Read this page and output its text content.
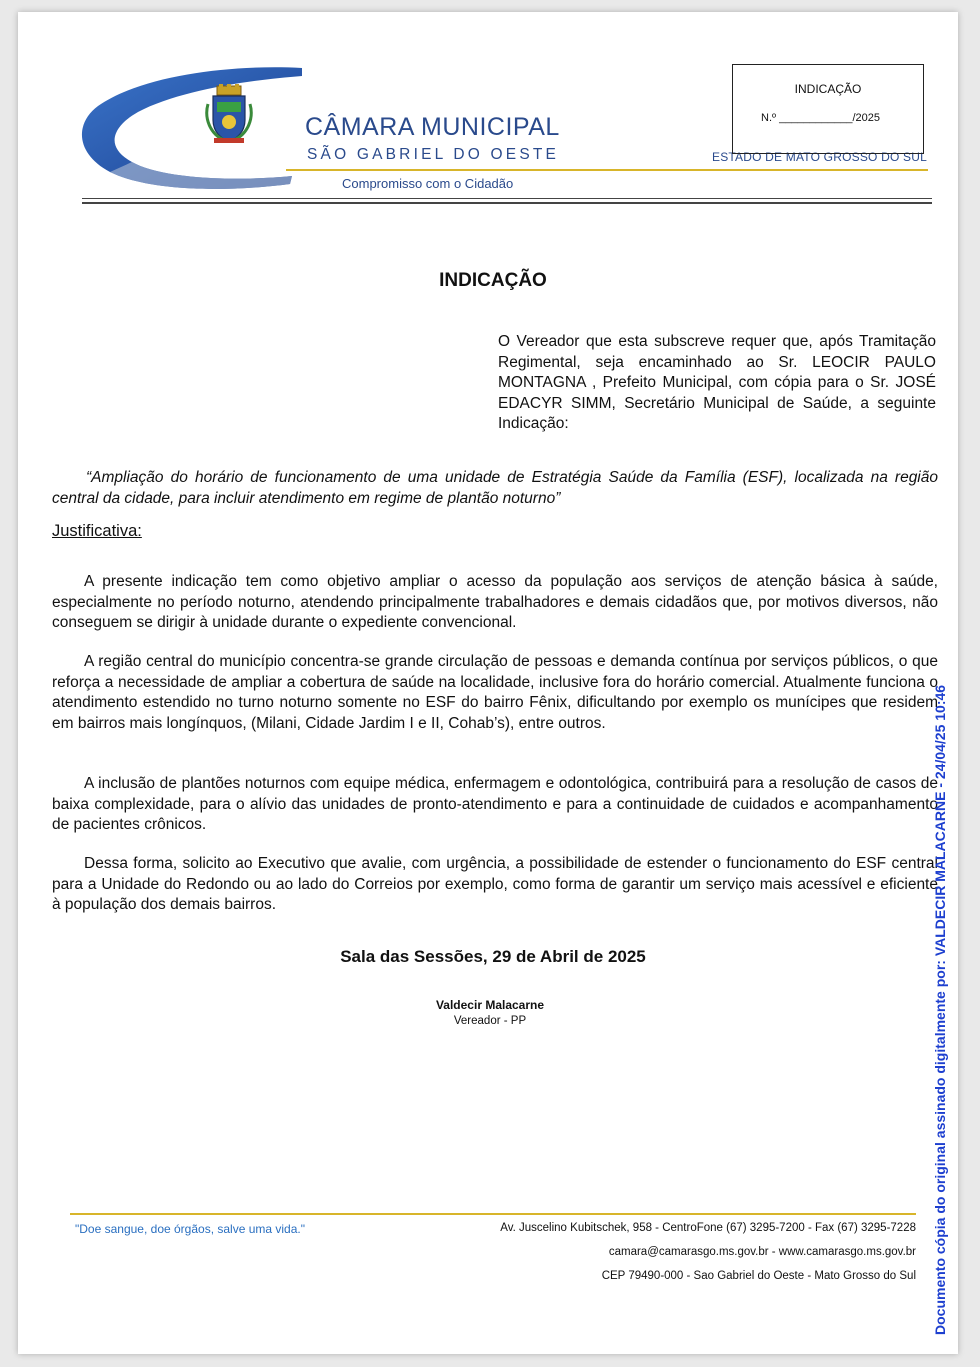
CÂMARA MUNICIPAL
SÃO GABRIEL DO OESTE
Compromisso com o Cidadão
ESTADO DE MATO GROSSO DO SUL
INDICAÇÃO
N.º ____________/2025
INDICAÇÃO
O Vereador que esta subscreve requer que, após Tramitação Regimental, seja encaminhado ao Sr. LEOCIR PAULO MONTAGNA , Prefeito Municipal, com cópia para o Sr. JOSÉ EDACYR SIMM, Secretário Municipal de Saúde, a seguinte Indicação:
“Ampliação do horário de funcionamento de uma unidade de Estratégia Saúde da Família (ESF), localizada na região central da cidade, para incluir atendimento em regime de plantão noturno”
Justificativa:
A presente indicação tem como objetivo ampliar o acesso da população aos serviços de atenção básica à saúde, especialmente no período noturno, atendendo principalmente trabalhadores e demais cidadãos que, por motivos diversos, não conseguem se dirigir à unidade durante o expediente convencional.
A região central do município concentra-se grande circulação de pessoas e demanda contínua por serviços públicos, o que reforça a necessidade de ampliar a cobertura de saúde na localidade, inclusive fora do horário comercial. Atualmente funciona o atendimento estendido no turno noturno somente no ESF do bairro Fênix, dificultando por exemplo os munícipes que residem em bairros mais longínquos, (Milani, Cidade Jardim I e II, Cohab’s), entre outros.
A inclusão de plantões noturnos com equipe médica, enfermagem e odontológica, contribuirá para a resolução de casos de baixa complexidade, para o alívio das unidades de pronto-atendimento e para a continuidade de cuidados e acompanhamento de pacientes crônicos.
Dessa forma, solicito ao Executivo que avalie, com urgência, a possibilidade de estender o funcionamento do ESF central para a Unidade do Redondo ou ao lado do Correios por exemplo, como forma de garantir um serviço mais acessível e eficiente à população dos demais bairros.
Sala das Sessões, 29 de Abril de 2025
Valdecir Malacarne
Vereador - PP
"Doe sangue, doe órgãos, salve uma vida."	Av. Juscelino Kubitschek, 958 - CentroFone (67) 3295-7200 - Fax (67) 3295-7228
camara@camarasgo.ms.gov.br - www.camarasgo.ms.gov.br
CEP 79490-000 - Sao Gabriel do Oeste - Mato Grosso do Sul Documento cópia do original assinado digitalmente por: VALDECIR MALACARNE - 24/04/25 10:46
